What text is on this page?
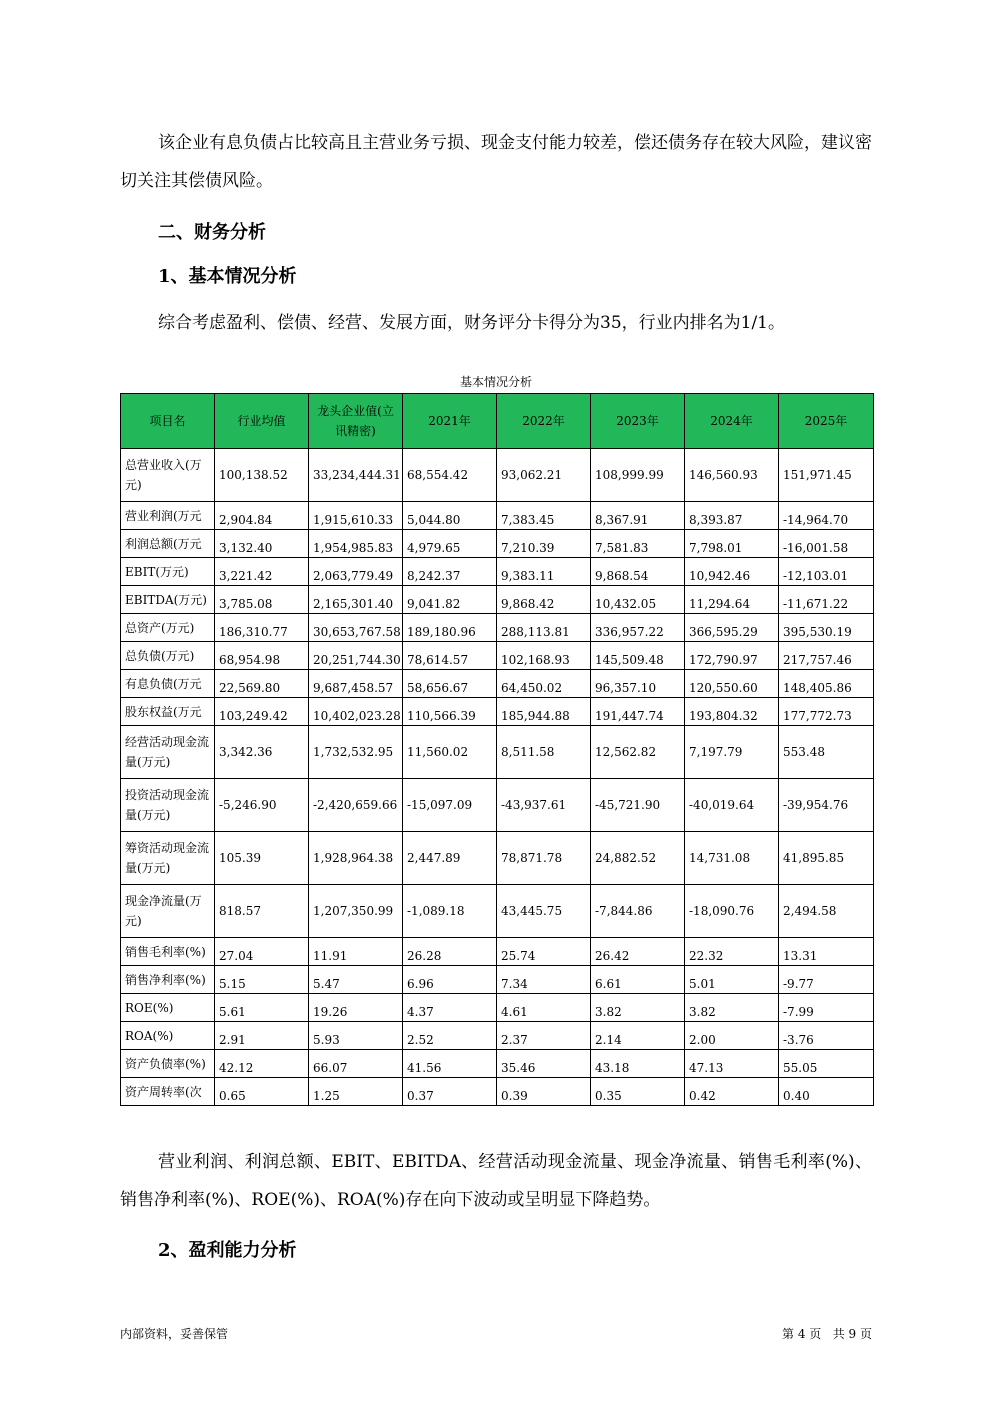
该企业有息负债占比较高且主营业务亏损、现金支付能力较差，偿还债务存在较大风险，建议密切关注其偿债风险。

二、财务分析
1、基本情况分析

综合考虑盈利、偿债、经营、发展方面，财务评分卡得分为35，行业内排名为1/1。

基本情况分析
项目名	行业均值	龙头企业值(立讯精密)	2021年	2022年	2023年	2024年	2025年
总营业收入(万元)	100,138.52	33,234,444.31	68,554.42	93,062.21	108,999.99	146,560.93	151,971.45
营业利润(万元	2,904.84	1,915,610.33	5,044.80	7,383.45	8,367.91	8,393.87	-14,964.70
利润总额(万元	3,132.40	1,954,985.83	4,979.65	7,210.39	7,581.83	7,798.01	-16,001.58
EBIT(万元)	3,221.42	2,063,779.49	8,242.37	9,383.11	9,868.54	10,942.46	-12,103.01
EBITDA(万元)	3,785.08	2,165,301.40	9,041.82	9,868.42	10,432.05	11,294.64	-11,671.22
总资产(万元)	186,310.77	30,653,767.58	189,180.96	288,113.81	336,957.22	366,595.29	395,530.19
总负债(万元)	68,954.98	20,251,744.30	78,614.57	102,168.93	145,509.48	172,790.97	217,757.46
有息负债(万元	22,569.80	9,687,458.57	58,656.67	64,450.02	96,357.10	120,550.60	148,405.86
股东权益(万元	103,249.42	10,402,023.28	110,566.39	185,944.88	191,447.74	193,804.32	177,772.73
经营活动现金流量(万元)	3,342.36	1,732,532.95	11,560.02	8,511.58	12,562.82	7,197.79	553.48
投资活动现金流量(万元)	-5,246.90	-2,420,659.66	-15,097.09	-43,937.61	-45,721.90	-40,019.64	-39,954.76
筹资活动现金流量(万元)	105.39	1,928,964.38	2,447.89	78,871.78	24,882.52	14,731.08	41,895.85
现金净流量(万元)	818.57	1,207,350.99	-1,089.18	43,445.75	-7,844.86	-18,090.76	2,494.58
销售毛利率(%)	27.04	11.91	26.28	25.74	26.42	22.32	13.31
销售净利率(%)	5.15	5.47	6.96	7.34	6.61	5.01	-9.77
ROE(%)	5.61	19.26	4.37	4.61	3.82	3.82	-7.99
ROA(%)	2.91	5.93	2.52	2.37	2.14	2.00	-3.76
资产负债率(%)	42.12	66.07	41.56	35.46	43.18	47.13	55.05
资产周转率(次	0.65	1.25	0.37	0.39	0.35	0.42	0.40

营业利润、利润总额、EBIT、EBITDA、经营活动现金流量、现金净流量、销售毛利率(%)、销售净利率(%)、ROE(%)、ROA(%)存在向下波动或呈明显下降趋势。

2、盈利能力分析
内部资料，妥善保管	第 4 页   共 9 页
